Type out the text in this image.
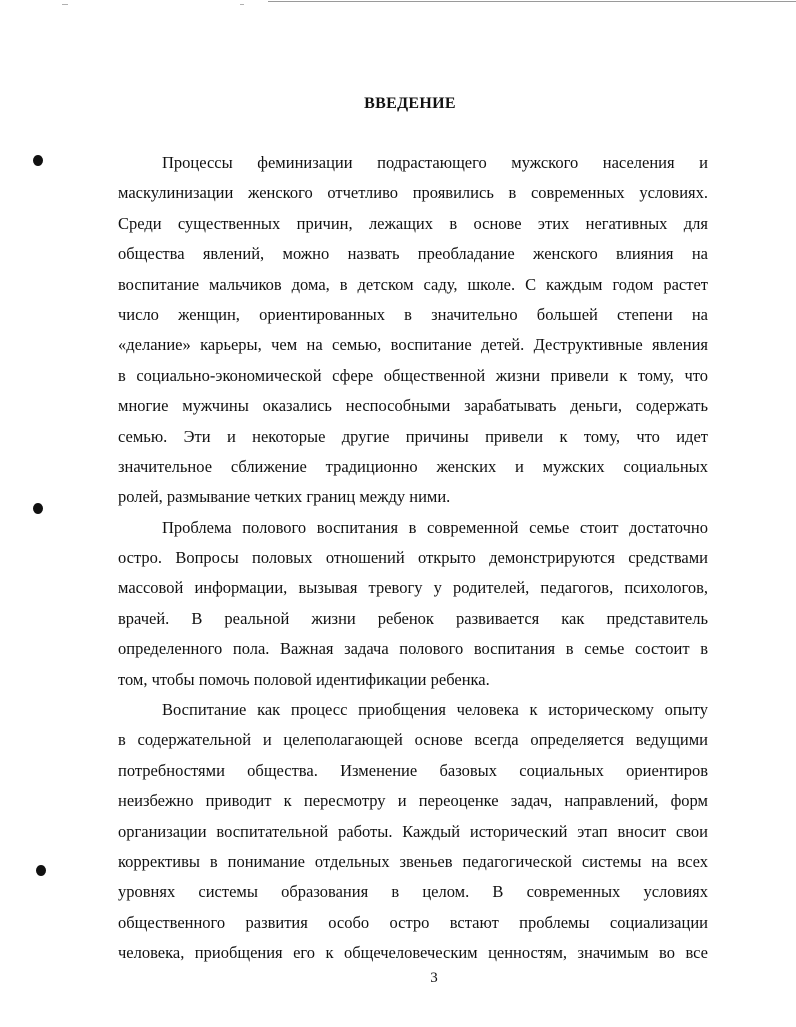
ВВЕДЕНИЕ
Процессы феминизации подрастающего мужского населения и
маскулинизации женского отчетливо проявились в современных условиях.
Среди существенных причин, лежащих в основе этих негативных для
общества явлений, можно назвать преобладание женского влияния на
воспитание мальчиков дома, в детском саду, школе. С каждым годом растет
число женщин, ориентированных в значительно большей степени на
«делание» карьеры, чем на семью, воспитание детей. Деструктивные явления
в социально-экономической сфере общественной жизни привели к тому, что
многие мужчины оказались неспособными зарабатывать деньги, содержать
семью. Эти и некоторые другие причины привели к тому, что идет
значительное сближение традиционно женских и мужских социальных
ролей, размывание четких границ между ними.
Проблема полового воспитания в современной семье стоит достаточно
остро. Вопросы половых отношений открыто демонстрируются средствами
массовой информации, вызывая тревогу у родителей, педагогов, психологов,
врачей. В реальной жизни ребенок развивается как представитель
определенного пола. Важная задача полового воспитания в семье состоит в
том, чтобы помочь половой идентификации ребенка.
Воспитание как процесс приобщения человека к историческому опыту
в содержательной и целеполагающей основе всегда определяется ведущими
потребностями общества. Изменение базовых социальных ориентиров
неизбежно приводит к пересмотру и переоценке задач, направлений, форм
организации воспитательной работы. Каждый исторический этап вносит свои
коррективы в понимание отдельных звеньев педагогической системы на всех
уровнях системы образования в целом. В современных условиях
общественного развития особо остро встают проблемы социализации
человека, приобщения его к общечеловеческим ценностям, значимым во все
3
